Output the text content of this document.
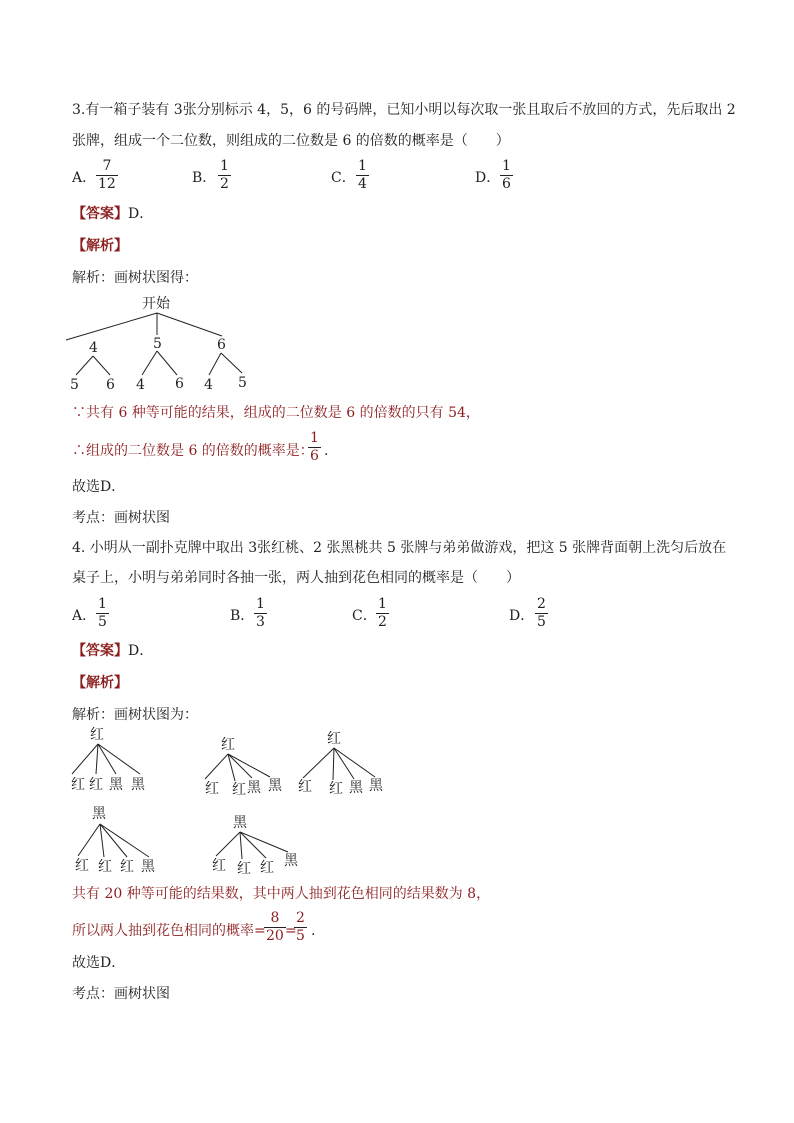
3.有一箱子装有 3张分别标示 4，5，6 的号码牌，已知小明以每次取一张且取后不放回的方式，先后取出 2
张牌，组成一个二位数，则组成的二位数是 6 的倍数的概率是（　　）
A．
7
12	B．
1
2	C．
1
4	D．
1
6
【答案】D．
【解析】
解析：画树状图得：
开始
4	5	6
5 6 4 6 4 5
∵共有 6 种等可能的结果，组成的二位数是 6 的倍数的只有 54，
∴组成的二位数是 6 的倍数的概率是：
1
6 .
故选D．
考点：画树状图
4. 小明从一副扑克牌中取出 3张红桃、2 张黑桃共 5 张牌与弟弟做游戏，把这 5 张牌背面朝上洗匀后放在
桌子上，小明与弟弟同时各抽一张，两人抽到花色相同的概率是（　　）
A．
1
5	B．
1
3	C．
1
2	D．
2
5
【答案】D．
【解析】
解析：画树状图为：
红
红 红 黑 黑
红
红 红 黑 黑
红
红 红 黑 黑
黑
红 红 红 黑
黑
红 红 红 黑
共有 20 种等可能的结果数，其中两人抽到花色相同的结果数为 8，
所以两人抽到花色相同的概率=
8
20 =
2
5 .
故选D．
考点：画树状图
